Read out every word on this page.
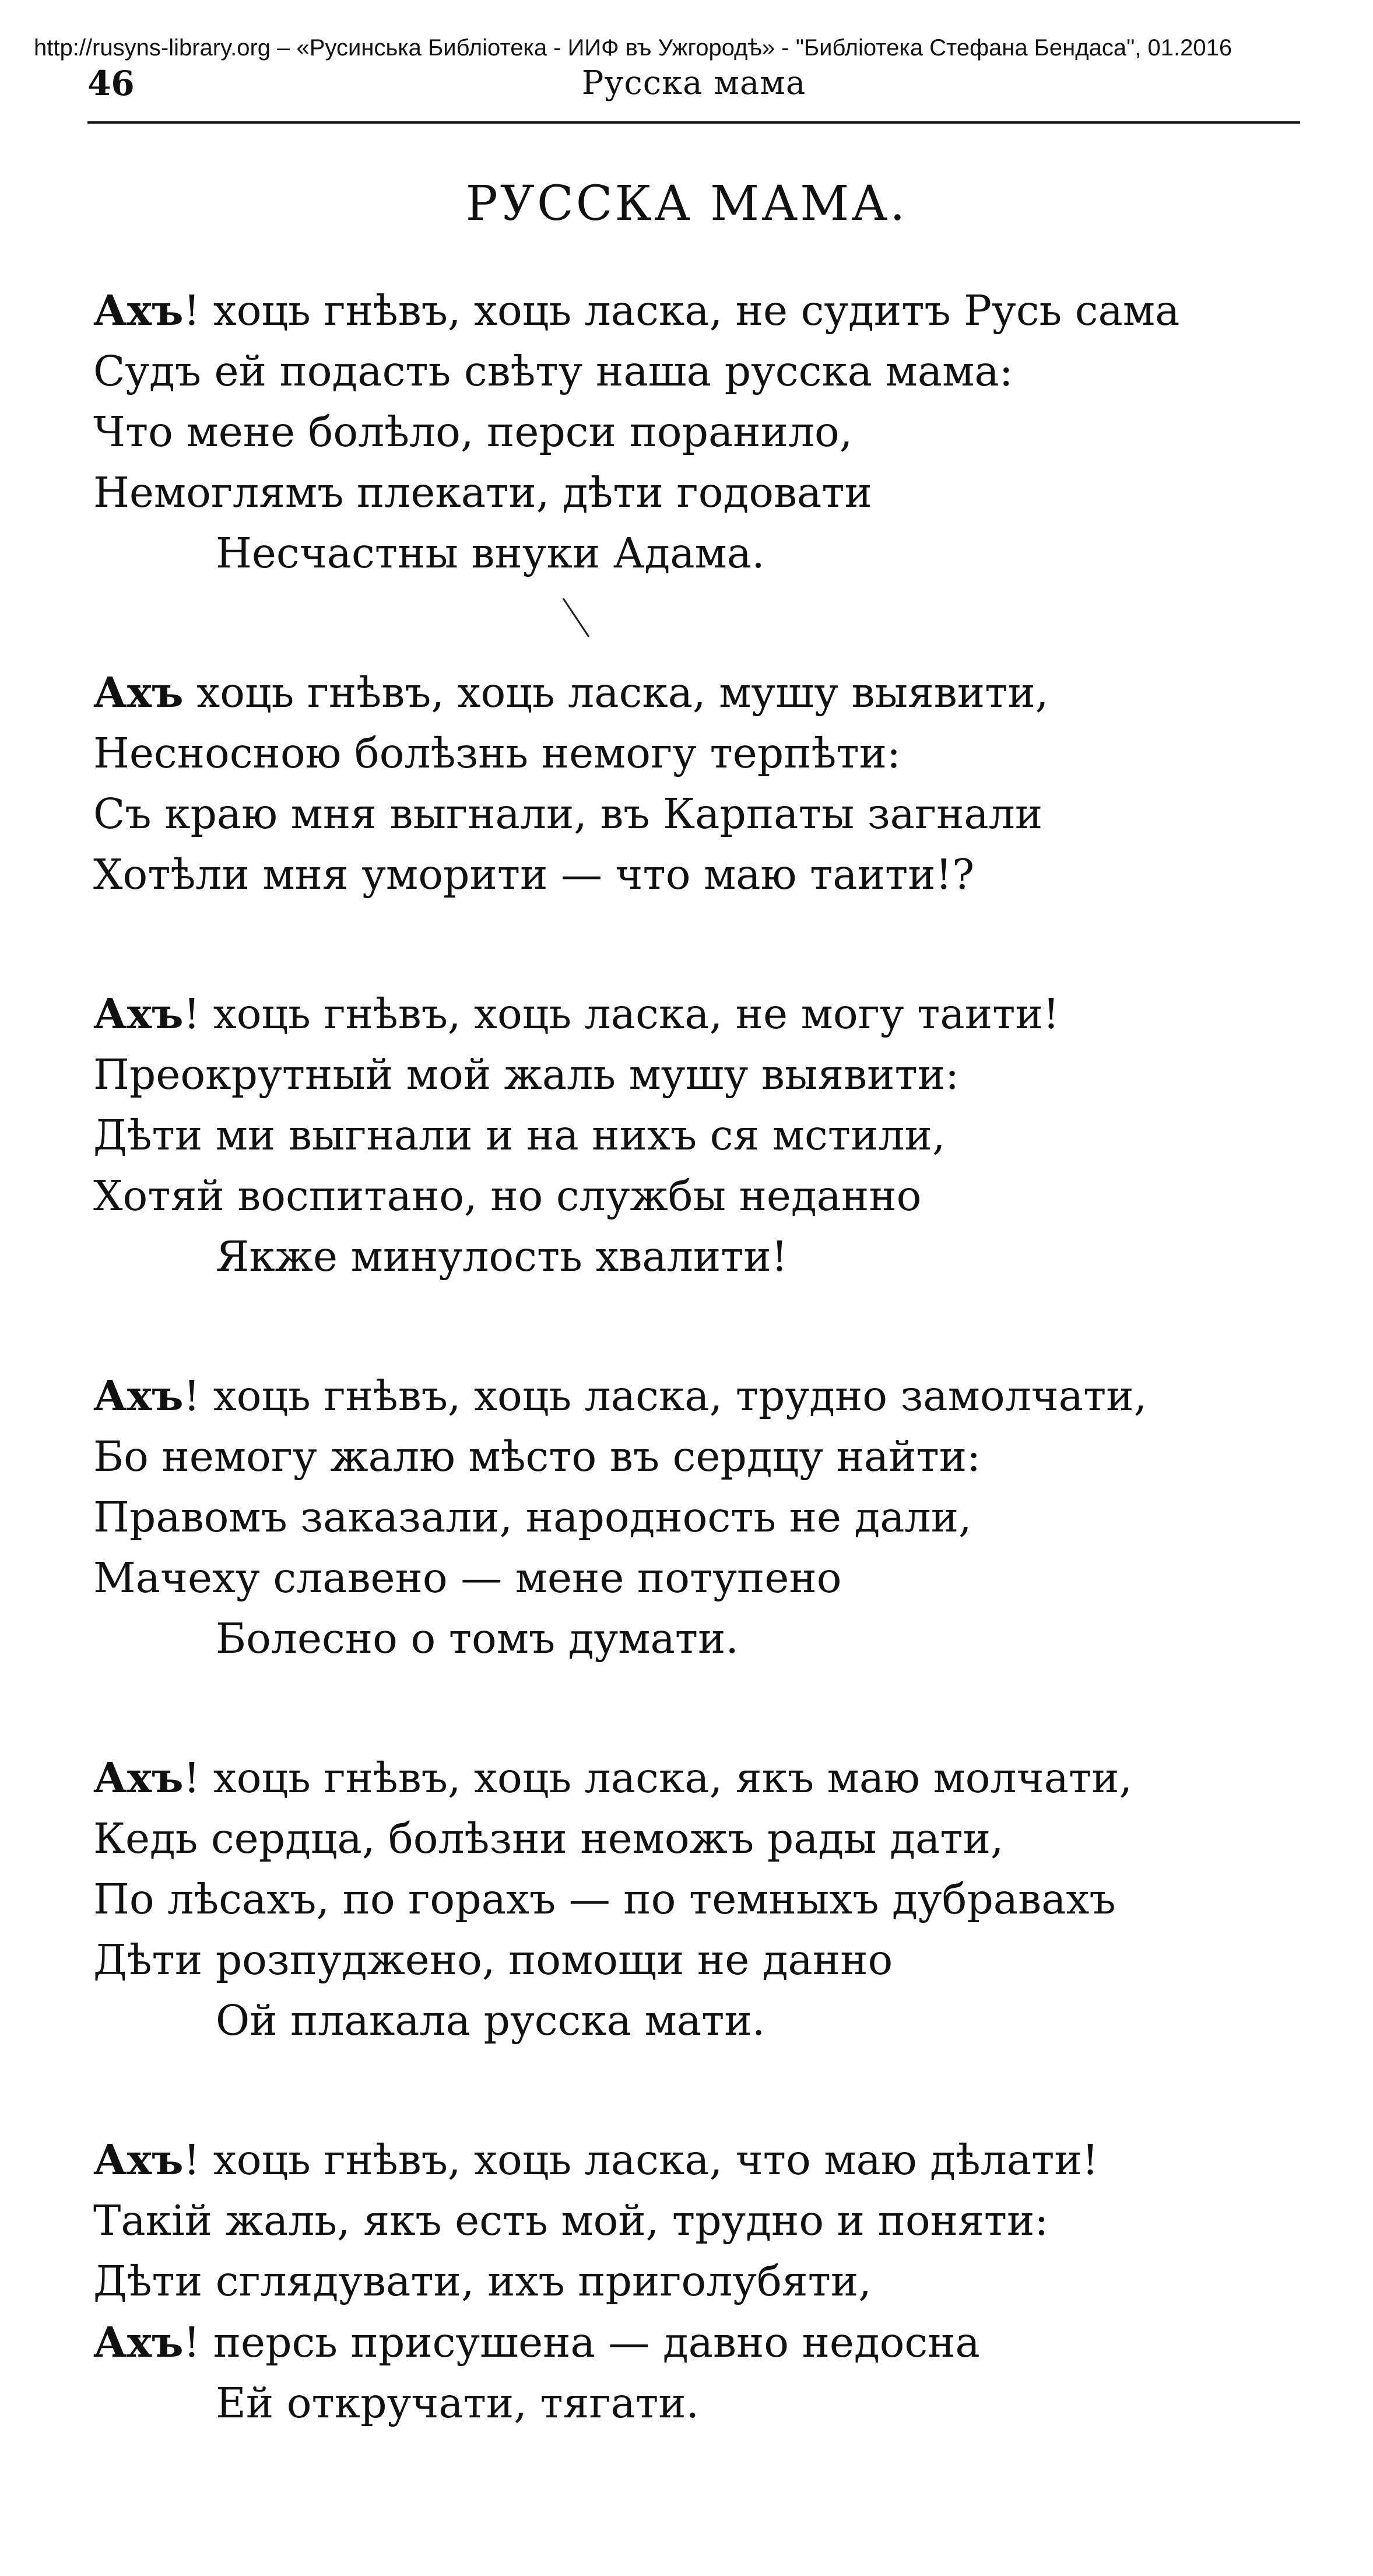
http://rusyns-library.org – «Русинська Библіотека - ИИФ въ Ужгородѣ» - "Библіотека Стефана Бендаса", 01.2016
46	Русска мама
РУССКА МАМА.
Ахъ! хоць гнѣвъ, хоць ласка, не судитъ Русь сама
Судъ ей подасть свѣту наша русска мама:
Что мене болѣло, перси поранило,
Немоглямъ плекати, дѣти годовати
Несчастны внуки Адама.
Ахъ хоць гнѣвъ, хоць ласка, мушу выявити,
Несносною болѣзнь немогу терпѣти:
Съ краю мня выгнали, въ Карпаты загнали
Хотѣли мня уморити — что маю таити!?
Ахъ! хоць гнѣвъ, хоць ласка, не могу таити!
Преокрутный мой жаль мушу выявити:
Дѣти ми выгнали и на нихъ ся мстили,
Хотяй воспитано, но службы неданно
Якже минулость хвалити!
Ахъ! хоць гнѣвъ, хоць ласка, трудно замолчати,
Бо немогу жалю мѣсто въ сердцу найти:
Правомъ заказали, народность не дали,
Мачеху славено — мене потупено
Болесно о томъ думати.
Ахъ! хоць гнѣвъ, хоць ласка, якъ маю молчати,
Кедь сердца, болѣзни неможъ рады дати,
По лѣсахъ, по горахъ — по темныхъ дубравахъ
Дѣти розпуджено, помощи не данно
Ой плакала русска мати.
Ахъ! хоць гнѣвъ, хоць ласка, что маю дѣлати!
Такій жаль, якъ есть мой, трудно и поняти:
Дѣти сглядувати, ихъ приголубяти,
Ахъ! персь присушена — давно недосна
Ей откручати, тягати.
